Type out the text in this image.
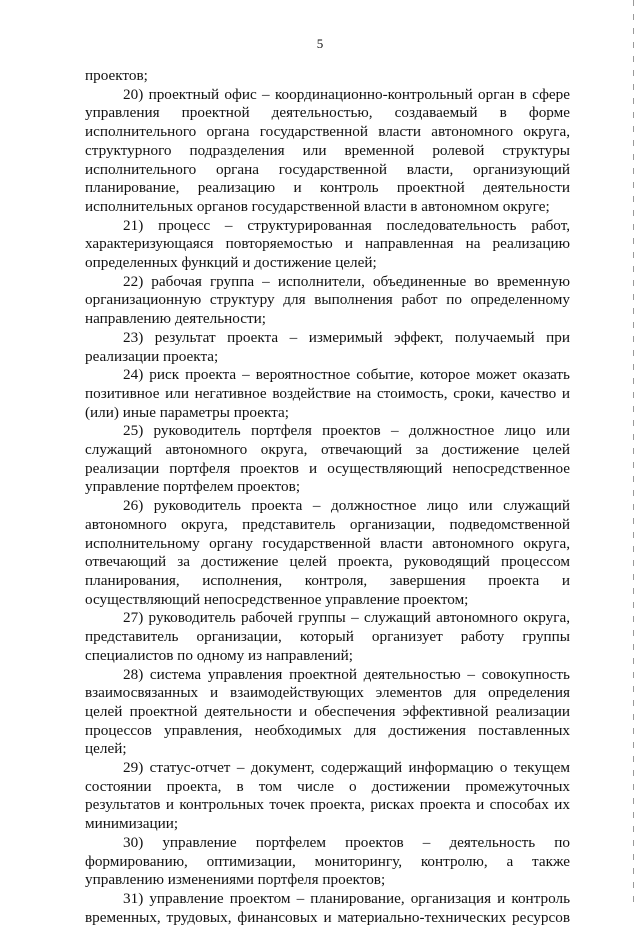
5

проектов;

20) проектный офис – координационно-контрольный орган в сфере управления проектной деятельностью, создаваемый в форме исполнительного органа государственной власти автономного округа, структурного подразделения или временной ролевой структуры исполнительного органа государственной власти, организующий планирование, реализацию и контроль проектной деятельности исполнительных органов государственной власти в автономном округе;

21) процесс – структурированная последовательность работ, характеризующаяся повторяемостью и направленная на реализацию определенных функций и достижение целей;

22) рабочая группа – исполнители, объединенные во временную организационную структуру для выполнения работ по определенному направлению деятельности;

23) результат проекта – измеримый эффект, получаемый при реализации проекта;

24) риск проекта – вероятностное событие, которое может оказать позитивное или негативное воздействие на стоимость, сроки, качество и (или) иные параметры проекта;

25) руководитель портфеля проектов – должностное лицо или служащий автономного округа, отвечающий за достижение целей реализации портфеля проектов и осуществляющий непосредственное управление портфелем проектов;

26) руководитель проекта – должностное лицо или служащий автономного округа, представитель организации, подведомственной исполнительному органу государственной власти автономного округа, отвечающий за достижение целей проекта, руководящий процессом планирования, исполнения, контроля, завершения проекта и осуществляющий непосредственное управление проектом;

27) руководитель рабочей группы – служащий автономного округа, представитель организации, который организует работу группы специалистов по одному из направлений;

28) система управления проектной деятельностью – совокупность взаимосвязанных и взаимодействующих элементов для определения целей проектной деятельности и обеспечения эффективной реализации процессов управления, необходимых для достижения поставленных целей;

29) статус-отчет – документ, содержащий информацию о текущем состоянии проекта, в том числе о достижении промежуточных результатов и контрольных точек проекта, рисках проекта и способах их минимизации;

30) управление портфелем проектов – деятельность по формированию, оптимизации, мониторингу, контролю, а также управлению изменениями портфеля проектов;

31) управление проектом – планирование, организация и контроль временных, трудовых, финансовых и материально-технических ресурсов
